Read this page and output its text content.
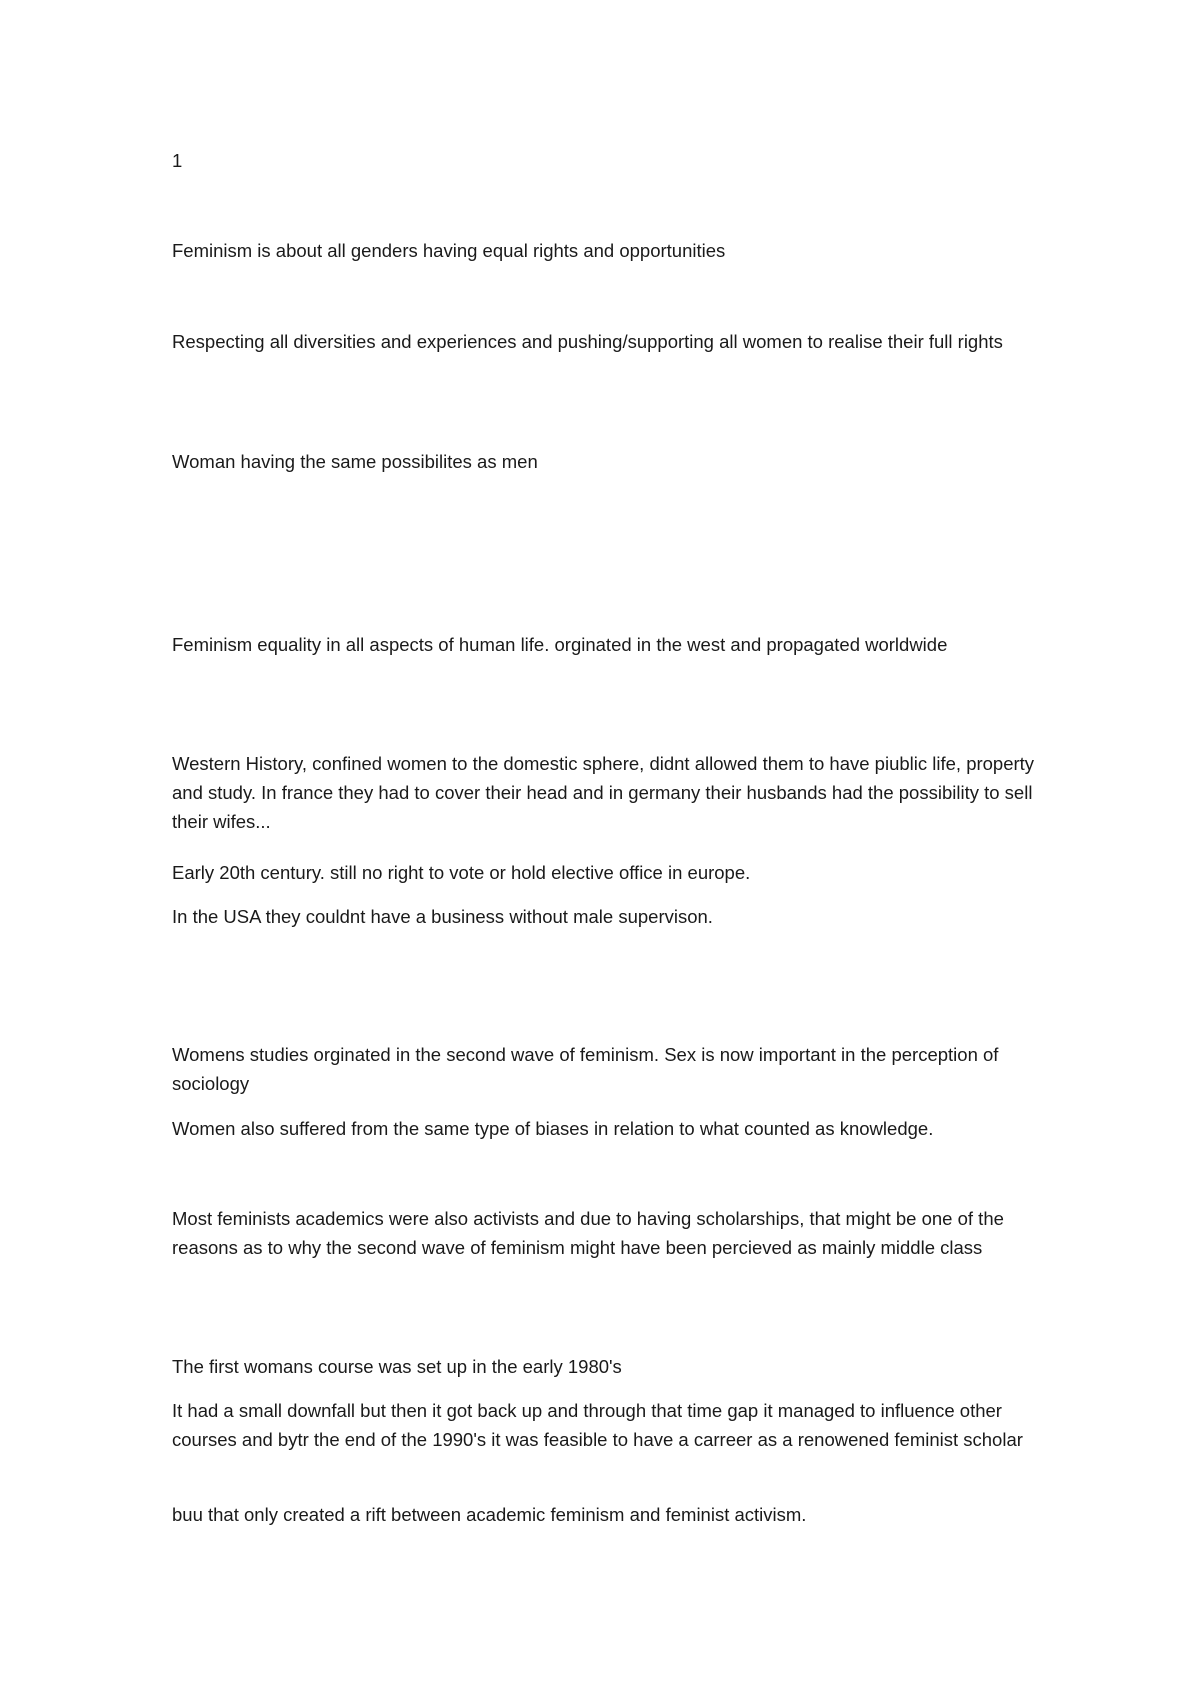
1

Feminism is about all genders having equal rights and opportunities

Respecting all diversities and experiences and pushing/supporting all women to realise their full rights

Woman having the same possibilites as men

Feminism equality in all aspects of human life. orginated in the west and propagated worldwide

Western History, confined women to the domestic sphere, didnt allowed them to have piublic life, property and study. In france they had to cover their head and in germany their husbands had the possibility to sell their wifes...

Early 20th century. still no right to vote or hold elective office in europe.

In the USA they couldnt have a business without male supervison.

Womens studies orginated in the second wave of feminism. Sex is now important in the perception of sociology

Women also suffered from the same type of biases in relation to what counted as knowledge.

Most feminists academics were also activists and due to having scholarships, that might be one of the reasons as to why the second wave of feminism might have been percieved as mainly middle class

The first womans course was set up in the early 1980's

It had a small downfall but then it got back up and through that time gap it managed to influence other courses and bytr the end of the 1990's it was feasible to have a carreer as a renowened feminist scholar

buu that only created a rift between academic feminism and feminist activism.
